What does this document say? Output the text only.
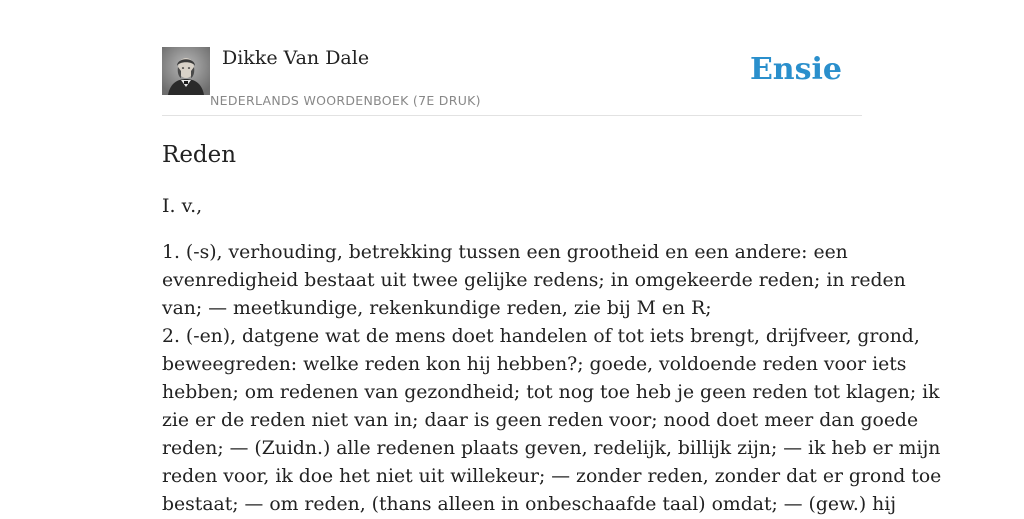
Dikke Van Dale
NEDERLANDS WOORDENBOEK (7E DRUK)
Ensie
Reden

I. v.,

1. (-s), verhouding, betrekking tussen een grootheid en een andere: een
evenredigheid bestaat uit twee gelijke redens; in omgekeerde reden; in reden
van; — meetkundige, rekenkundige reden, zie bij M en R;
2. (-en), datgene wat de mens doet handelen of tot iets brengt, drijfveer, grond,
beweegreden: welke reden kon hij hebben?; goede, voldoende reden voor iets
hebben; om redenen van gezondheid; tot nog toe heb je geen reden tot klagen; ik
zie er de reden niet van in; daar is geen reden voor; nood doet meer dan goede
reden; — (Zuidn.) alle redenen plaats geven, redelijk, billijk zijn; — ik heb er mijn
reden voor, ik doe het niet uit willekeur; — zonder reden, zonder dat er grond toe
bestaat; — om reden, (thans alleen in onbeschaafde taal) omdat; — (gew.) hij
